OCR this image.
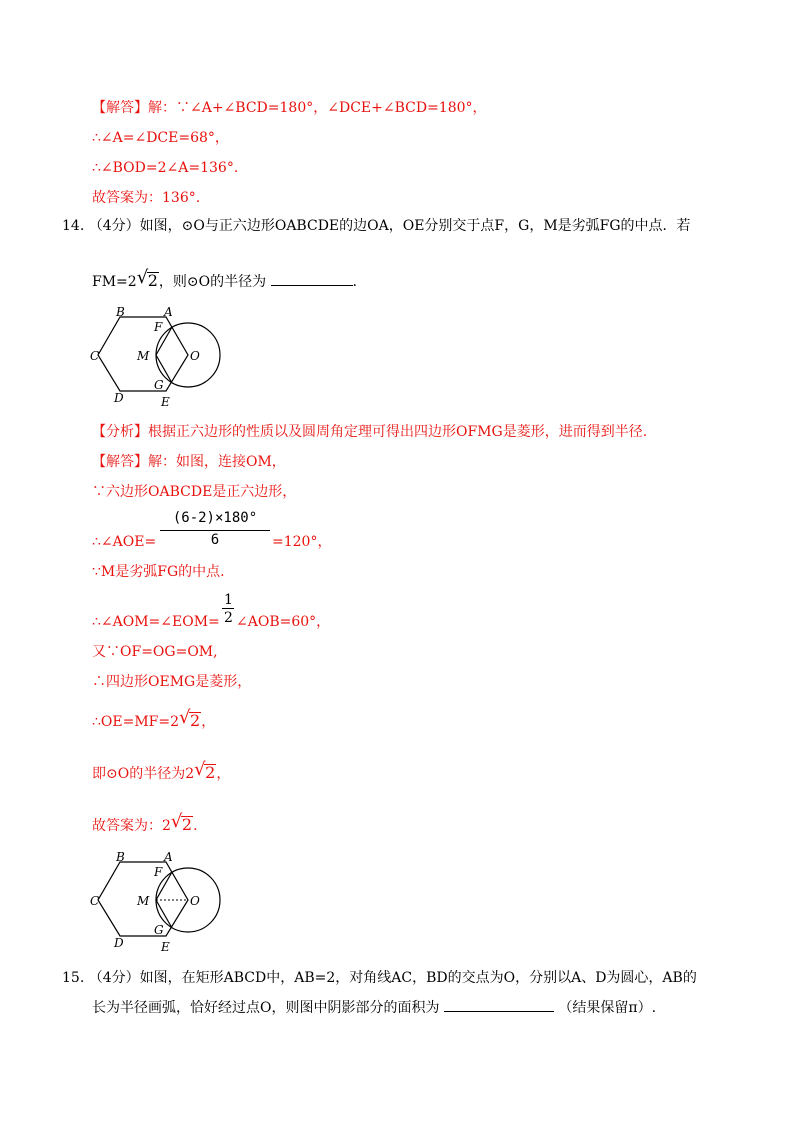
【解答】解：∵∠A+∠BCD=180°，∠DCE+∠BCD=180°，
∴∠A=∠DCE=68°，
∴∠BOD=2∠A=136°.
故答案为：136°.
14. （4分）如图，⊙O与正六边形OABCDE的边OA，OE分别交于点F，G，M是劣弧FG的中点．若
FM=2 √ 2，则⊙O的半径为	.
B	A
C
D	E
F
G
M	O
【分析】根据正六边形的性质以及圆周角定理可得出四边形OFMG是菱形，进而得到半径.
【解答】解：如图，连接OM，
∵六边形OABCDE是正六边形，
(6-2)×180°
6
∴∠AOE=	=120°，
∵M是劣弧FG的中点.
1
2
∴∠AOM=∠EOM= ∠AOB=60°，
又∵OF=OG=OM,
∴四边形OEMG是菱形，
∴OE=MF=2 √ 2，
即⊙O的半径为2 √ 2，
故答案为：2 √ 2.
B	A
C
D	E
F
G
M	O
15. （4分）如图，在矩形ABCD中，AB=2，对角线AC，BD的交点为O，分别以A、D为圆心，AB的
长为半径画弧，恰好经过点O，则图中阴影部分的面积为	（结果保留π）.
